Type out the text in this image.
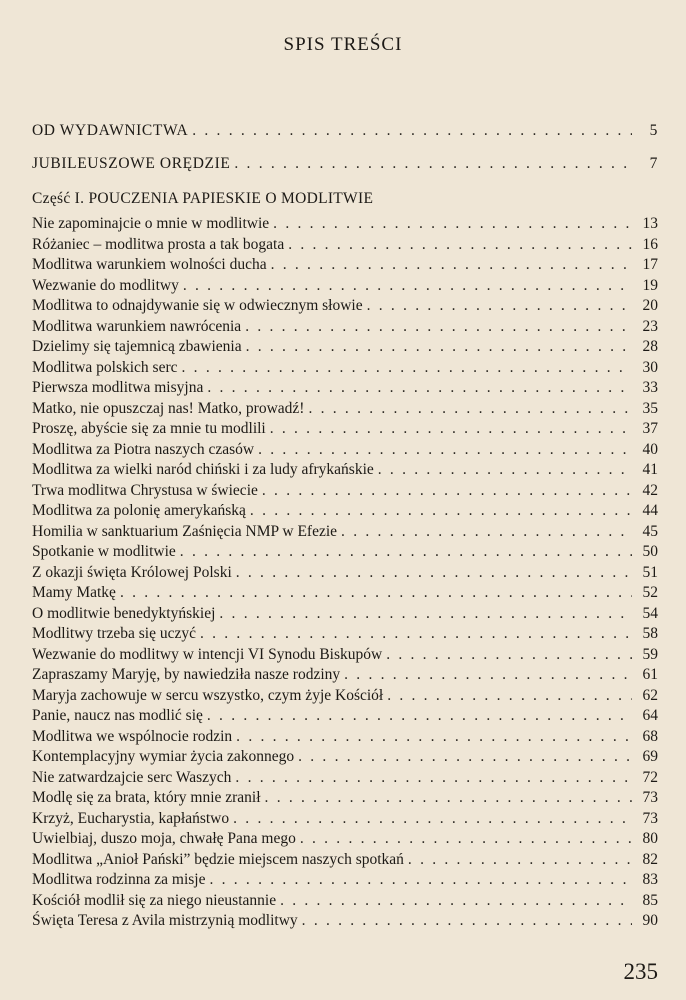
SPIS TREŚCI
OD WYDAWNICTWA . . .	5
JUBILEUSZOWE ORĘDZIE . . .	7
Część I. POUCZENIA PAPIESKIE O MODLITWIE
Nie zapominajcie o mnie w modlitwie . . .	13
Różaniec – modlitwa prosta a tak bogata . . .	16
Modlitwa warunkiem wolności ducha . . .	17
Wezwanie do modlitwy . . .	19
Modlitwa to odnajdywanie się w odwiecznym słowie . . .	20
Modlitwa warunkiem nawrócenia . . .	23
Dzielimy się tajemnicą zbawienia . . .	28
Modlitwa polskich serc . . .	30
Pierwsza modlitwa misyjna . . .	33
Matko, nie opuszczaj nas! Matko, prowadź! . . .	35
Proszę, abyście się za mnie tu modlili . . .	37
Modlitwa za Piotra naszych czasów . . .	40
Modlitwa za wielki naród chiński i za ludy afrykańskie . . .	41
Trwa modlitwa Chrystusa w świecie . . .	42
Modlitwa za polonię amerykańską . . .	44
Homilia w sanktuarium Zaśnięcia NMP w Efezie . . .	45
Spotkanie w modlitwie . . .	50
Z okazji święta Królowej Polski . . .	51
Mamy Matkę . . .	52
O modlitwie benedyktyńskiej . . .	54
Modlitwy trzeba się uczyć . . .	58
Wezwanie do modlitwy w intencji VI Synodu Biskupów . . .	59
Zapraszamy Maryję, by nawiedziła nasze rodziny . . .	61
Maryja zachowuje w sercu wszystko, czym żyje Kościół . . .	62
Panie, naucz nas modlić się . . .	64
Modlitwa we wspólnocie rodzin . . .	68
Kontemplacyjny wymiar życia zakonnego . . .	69
Nie zatwardzajcie serc Waszych . . .	72
Modlę się za brata, który mnie zranił . . .	73
Krzyż, Eucharystia, kapłaństwo . . .	73
Uwielbiaj, duszo moja, chwałę Pana mego . . .	80
Modlitwa „Anioł Pański” będzie miejscem naszych spotkań . . .	82
Modlitwa rodzinna za misje . . .	83
Kościół modlił się za niego nieustannie . . .	85
Święta Teresa z Avila mistrzynią modlitwy . . .	90
235
